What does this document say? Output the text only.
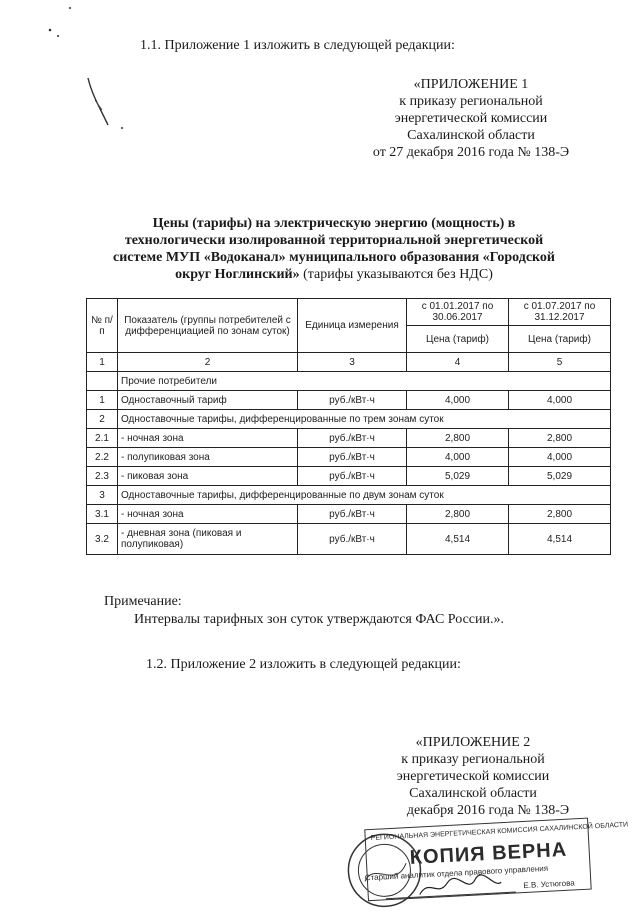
1.1. Приложение 1 изложить в следующей редакции:
«ПРИЛОЖЕНИЕ 1
к приказу региональной
энергетической комиссии
Сахалинской области
от 27 декабря 2016 года № 138-Э
Цены (тарифы) на электрическую энергию (мощность) в технологически изолированной территориальной энергетической системе МУП «Водоканал» муниципального образования «Городской округ Ноглинский» (тарифы указываются без НДС)
№ п/п	Показатель (группы потребителей с дифференциацией по зонам суток)	Единица измерения	с 01.01.2017 по 30.06.2017	с 01.07.2017 по 31.12.2017
			Цена (тариф)	Цена (тариф)
1	2	3	4	5
	Прочие потребители			
1	Одноставочный тариф	руб./кВт·ч	4,000	4,000
2	Одноставочные тарифы, дифференцированные по трем зонам суток			
2.1	- ночная зона	руб./кВт·ч	2,800	2,800
2.2	- полупиковая зона	руб./кВт·ч	4,000	4,000
2.3	- пиковая зона	руб./кВт·ч	5,029	5,029
3	Одноставочные тарифы, дифференцированные по двум зонам суток			
3.1	- ночная зона	руб./кВт·ч	2,800	2,800
3.2	- дневная зона (пиковая и полупиковая)	руб./кВт·ч	4,514	4,514
Примечание:
Интервалы тарифных зон суток утверждаются ФАС России.».
1.2. Приложение 2 изложить в следующей редакции:
«ПРИЛОЖЕНИЕ 2
к приказу региональной
энергетической комиссии
Сахалинской области
декабря 2016 года № 138-Э
РЕГИОНАЛЬНАЯ ЭНЕРГЕТИЧЕСКАЯ КОМИССИЯ САХАЛИНСКОЙ ОБЛАСТИ
КОПИЯ ВЕРНА
Старший аналитик отдела правового управления
Е.В. Устюгова
